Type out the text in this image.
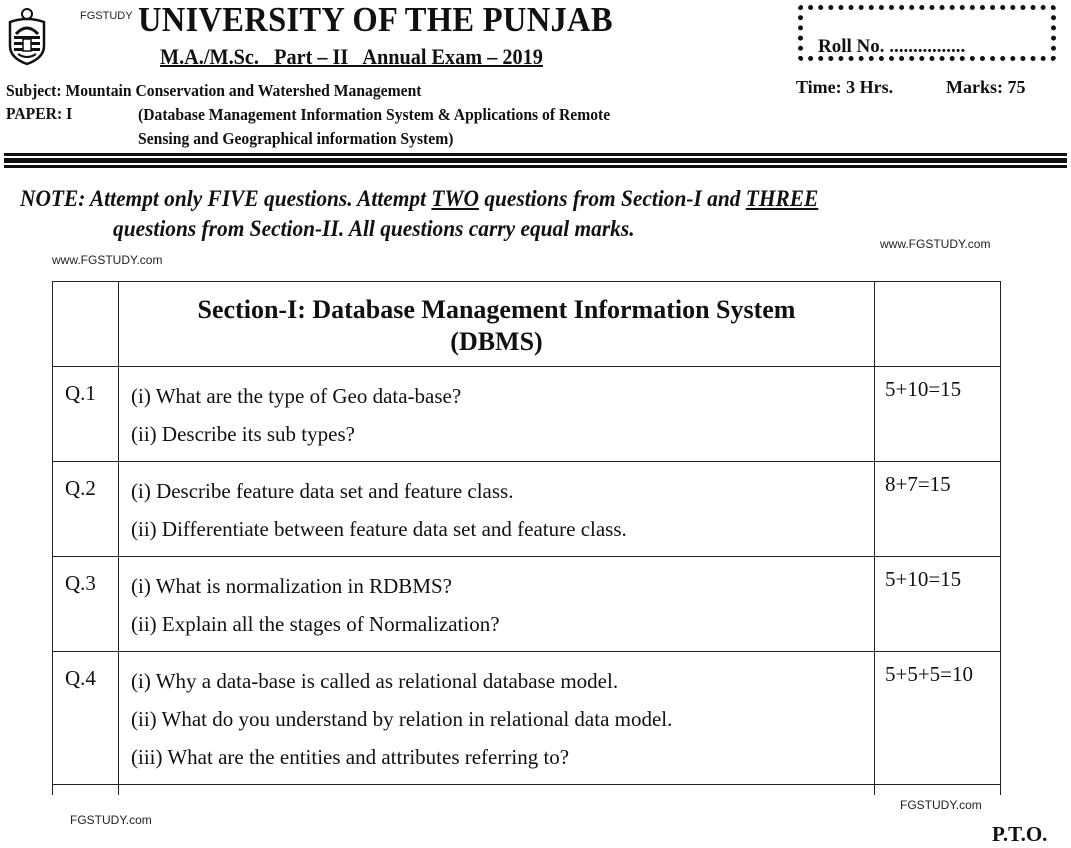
FGSTUDY UNIVERSITY OF THE PUNJAB
M.A./M.Sc.   Part – II   Annual Exam – 2019
Subject: Mountain Conservation and Watershed Management
PAPER: I	(Database Management Information System & Applications of Remote
Sensing and Geographical information System)
Roll No. ................
Time: 3 Hrs.	Marks: 75
NOTE: Attempt only FIVE questions. Attempt TWO questions from Section-I and THREE
questions from Section-II. All questions carry equal marks.
www.FGSTUDY.com
www.FGSTUDY.com

	Section-I: Database Management Information System
(DBMS)	

Q.1	(i) What are the type of Geo data-base?
(ii) Describe its sub types?	5+10=15
Q.2	(i) Describe feature data set and feature class.
(ii) Differentiate between feature data set and feature class.	8+7=15
Q.3	(i) What is normalization in RDBMS?
(ii) Explain all the stages of Normalization?	5+10=15
Q.4	(i) Why a data-base is called as relational database model.
(ii) What do you understand by relation in relational data model.
(iii) What are the entities and attributes referring to?	5+5+5=10

FGSTUDY.com
FGSTUDY.com
P.T.O.
